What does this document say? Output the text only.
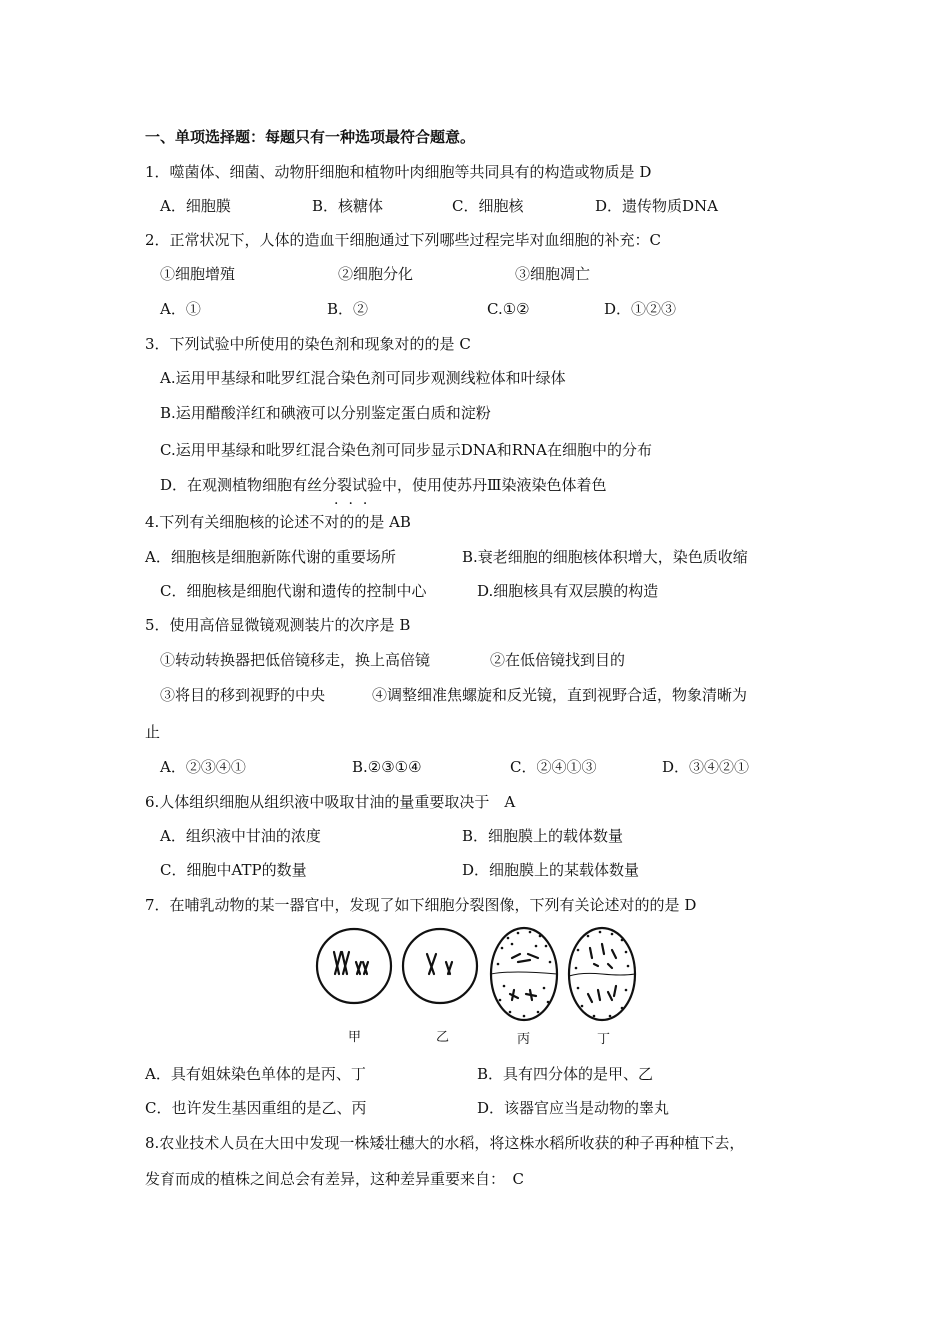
一、单项选择题：每题只有一种选项最符合题意。
1．噬菌体、细菌、动物肝细胞和植物叶肉细胞等共同具有的构造或物质是 D
A．细胞膜	B．核糖体	C．细胞核	D．遗传物质DNA
2．正常状况下，人体的造血干细胞通过下列哪些过程完毕对血细胞的补充：C
①细胞增殖	②细胞分化	③细胞凋亡
A．①	B．②	C.①②	D．①②③
3．下列试验中所使用的染色剂和现象对的的是 C
A.运用甲基绿和吡罗红混合染色剂可同步观测线粒体和叶绿体
B.运用醋酸洋红和碘液可以分别鉴定蛋白质和淀粉
C.运用甲基绿和吡罗红混合染色剂可同步显示DNA和RNA在细胞中的分布
D．在观测植物细胞有丝分裂试验中，使用使苏丹Ⅲ染液染色体着色
···
4.下列有关细胞核的论述不对的的是 AB
A．细胞核是细胞新陈代谢的重要场所	B.衰老细胞的细胞核体积增大，染色质收缩
C．细胞核是细胞代谢和遗传的控制中心	D.细胞核具有双层膜的构造
5．使用高倍显微镜观测装片的次序是 B
①转动转换器把低倍镜移走，换上高倍镜	②在低倍镜找到目的
③将目的移到视野的中央	④调整细准焦螺旋和反光镜，直到视野合适，物象清晰为
止
A．②③④①	B.②③①④	C．②④①③	D．③④②①
6.人体组织细胞从组织液中吸取甘油的量重要取决于　A
A．组织液中甘油的浓度	B．细胞膜上的载体数量
C．细胞中ATP的数量	D．细胞膜上的某载体数量
7．在哺乳动物的某一器官中，发现了如下细胞分裂图像，下列有关论述对的的是 D
甲	乙	丙	丁
A．具有姐妹染色单体的是丙、丁	B．具有四分体的是甲、乙
C．也许发生基因重组的是乙、丙	D．该器官应当是动物的睾丸
8.农业技术人员在大田中发现一株矮壮穗大的水稻，将这株水稻所收获的种子再种植下去，
发育而成的植株之间总会有差异，这种差异重要来自：　C
